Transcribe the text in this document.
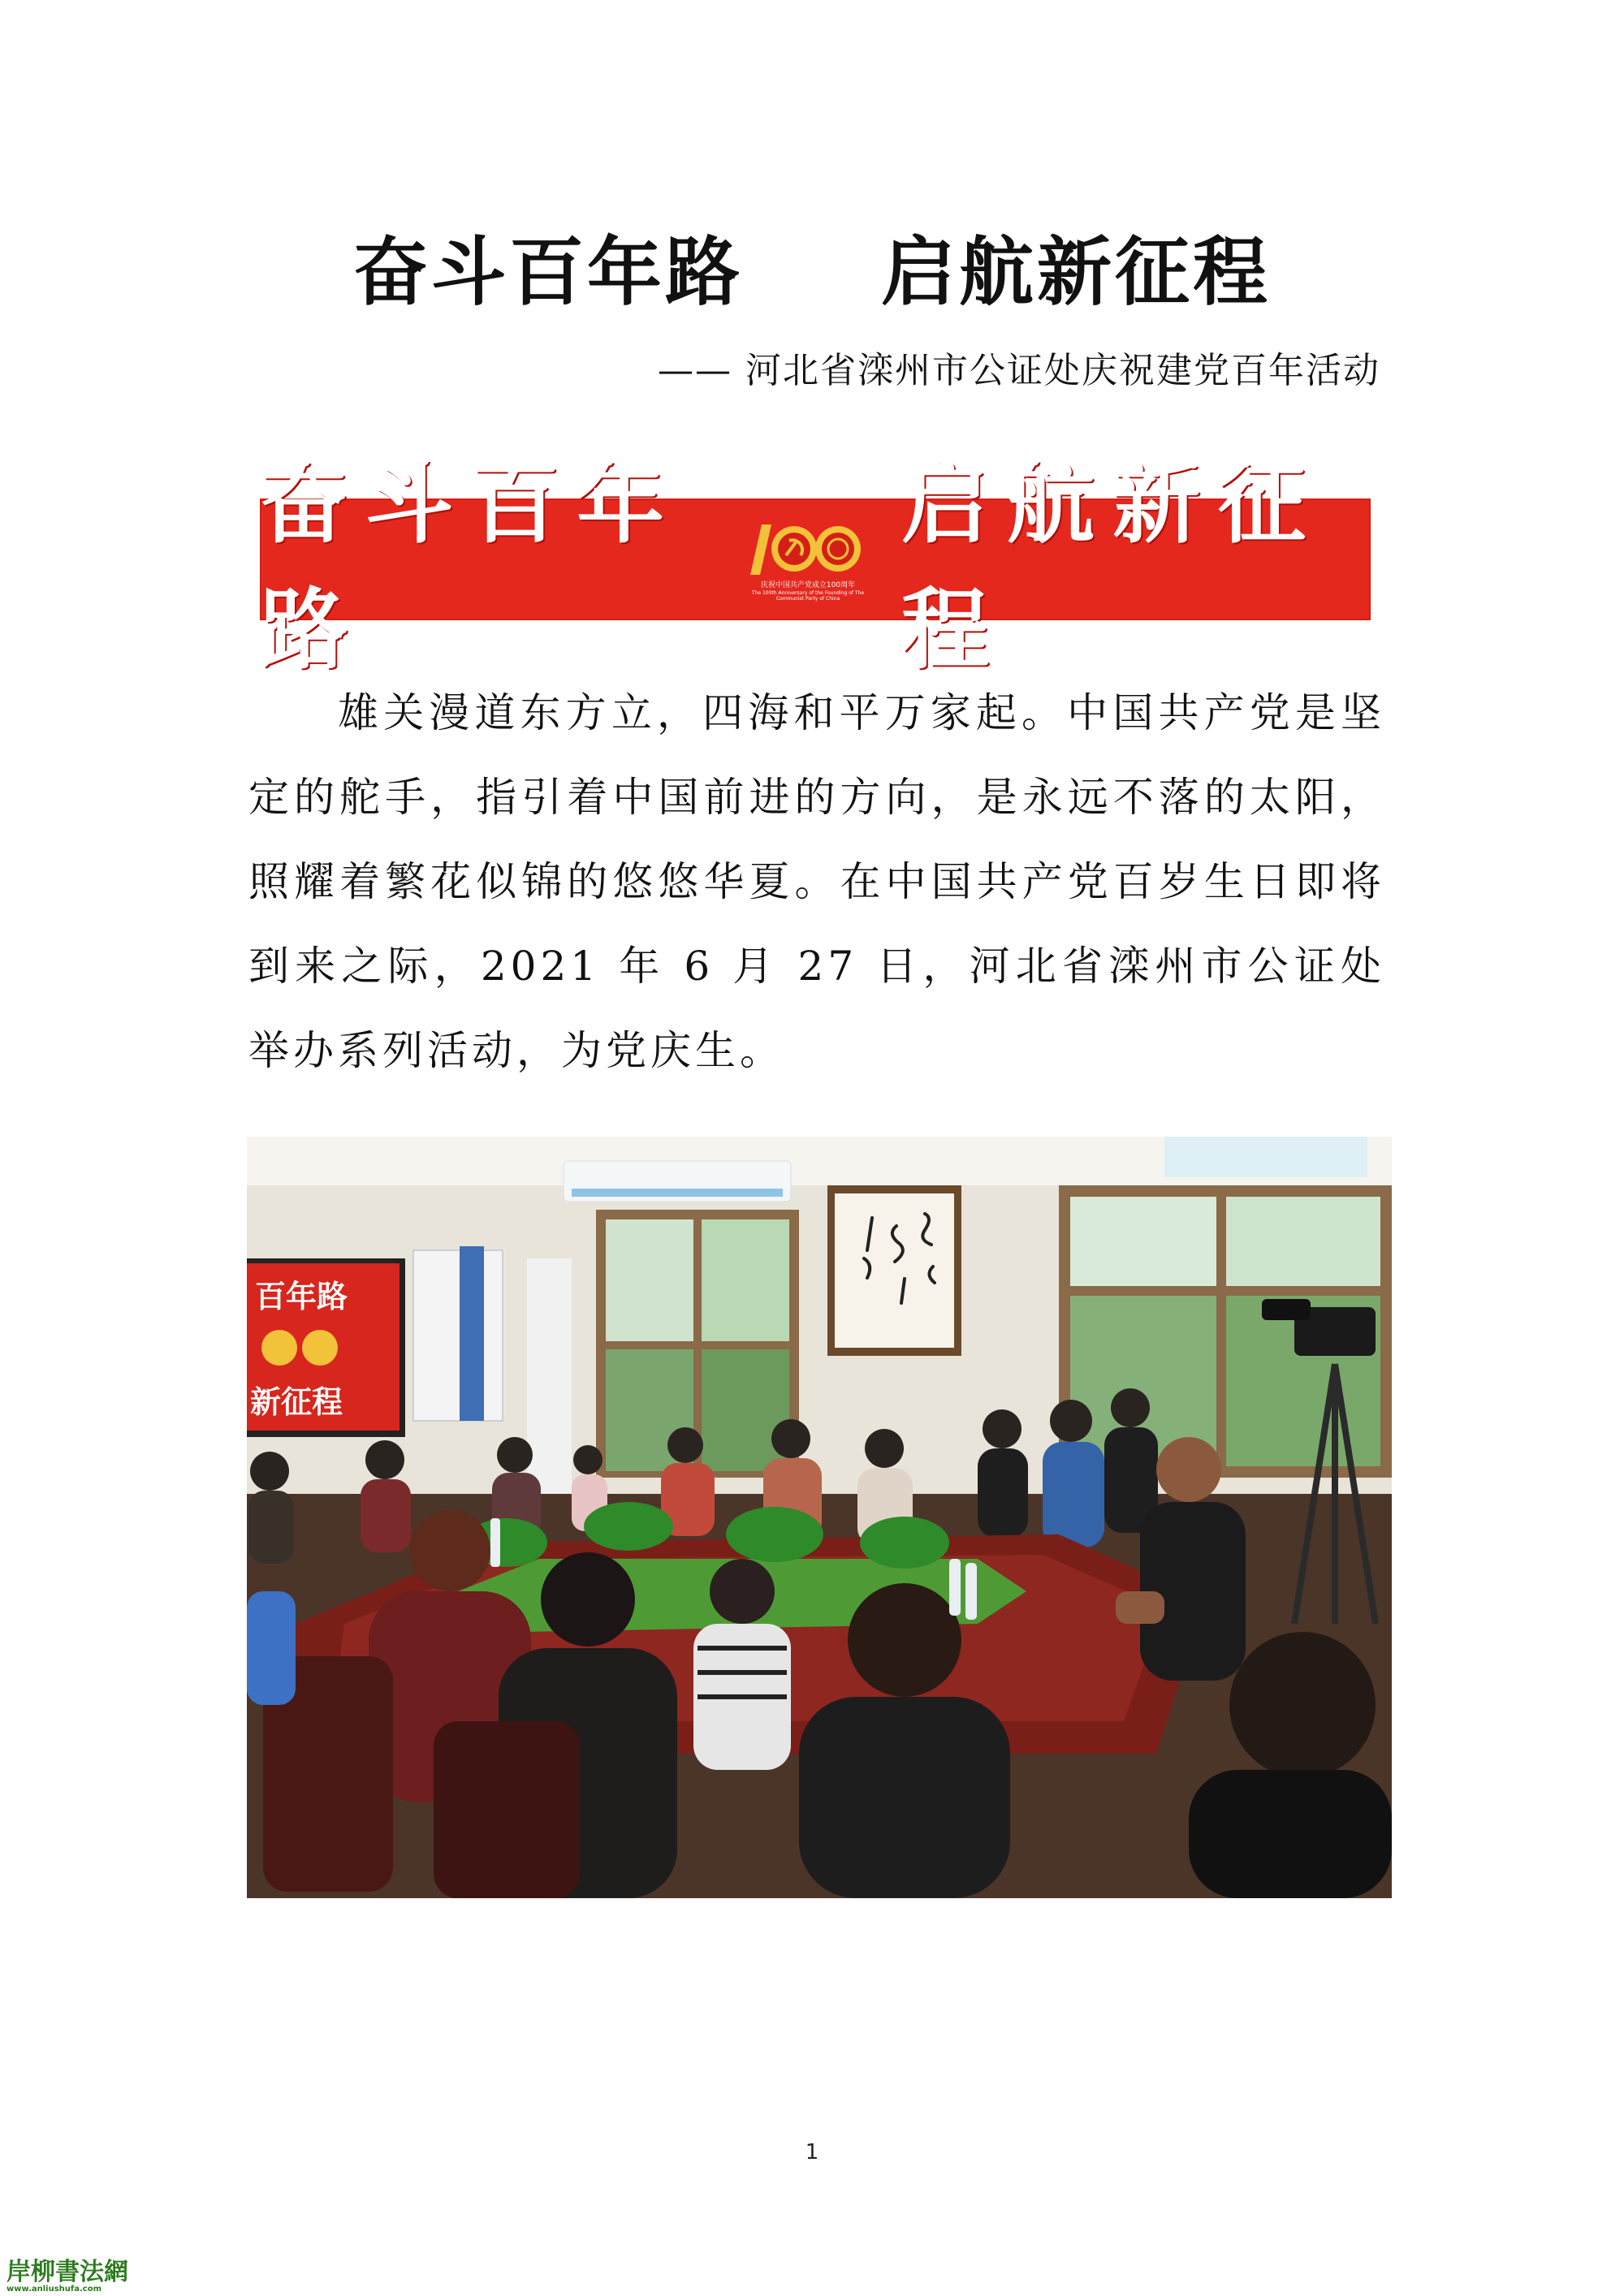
奋斗百年路 启航新征程
—— 河北省滦州市公证处庆祝建党百年活动
奋斗百年路	庆祝中国共产党成立100周年
The 100th Anniversary of the Founding of The Communist Party of China
启航新征程

雄关漫道东方立，四海和平万家起。中国共产党是坚定的舵手，指引着中国前进的方向，是永远不落的太阳，照耀着繁花似锦的悠悠华夏。在中国共产党百岁生日即将到来之际，2021 年 6 月 27 日，河北省滦州市公证处举办系列活动，为党庆生。

百年路
新征程
1
岸柳書法網
www.anliushufa.com
